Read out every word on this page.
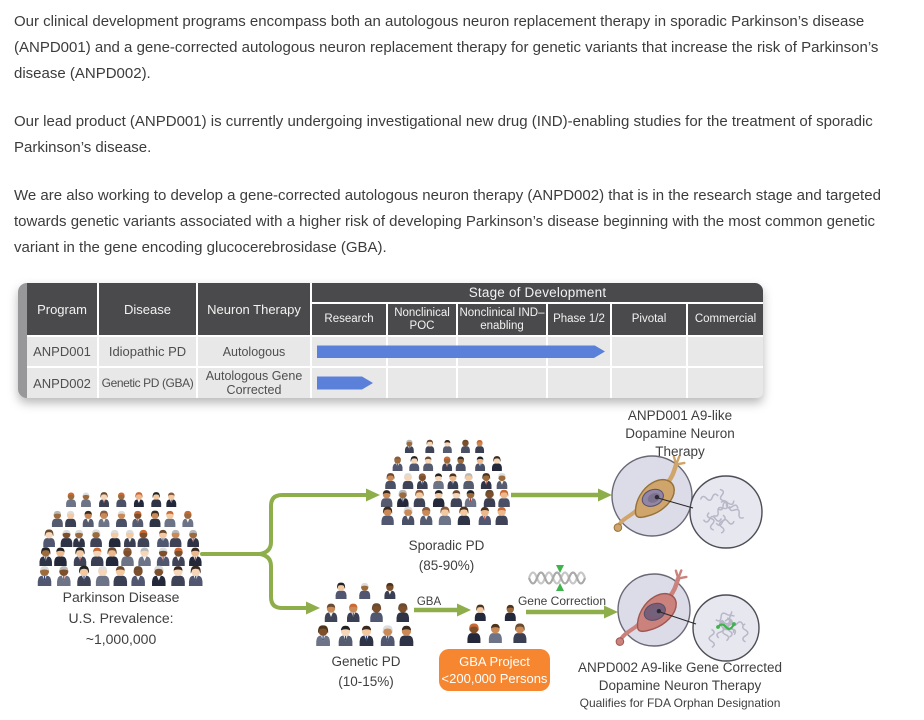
Our clinical development programs encompass both an autologous neuron replacement therapy in sporadic Parkinson’s disease (ANPD001) and a gene-corrected autologous neuron replacement therapy for genetic variants that increase the risk of Parkinson’s disease (ANPD002).

Our lead product (ANPD001) is currently undergoing investigational new drug (IND)-enabling studies for the treatment of sporadic Parkinson’s disease.

We are also working to develop a gene-corrected autologous neuron therapy (ANPD002) that is in the research stage and targeted towards genetic variants associated with a higher risk of developing Parkinson’s disease beginning with the most common genetic variant in the gene encoding glucocerebrosidase (GBA).

Program	Disease	Neuron Therapy	Stage of Development					
			Research	Nonclinical POC	Nonclinical IND–enabling	Phase 1/2	Pivotal	Commercial
ANPD001	Idiopathic PD	Autologous	

ANPD002	Genetic PD (GBA)	Autologous Gene Corrected	

Parkinson Disease
U.S. Prevalence: ~1,000,000
Sporadic PD
(85-90%)
Genetic PD
(10-15%)
GBA	Gene Correction
GBA Project
<200,000 Persons
ANPD001 A9-like
Dopamine Neuron
Therapy
ANPD002 A9-like Gene Corrected
Dopamine Neuron Therapy
Qualifies for FDA Orphan Designation
